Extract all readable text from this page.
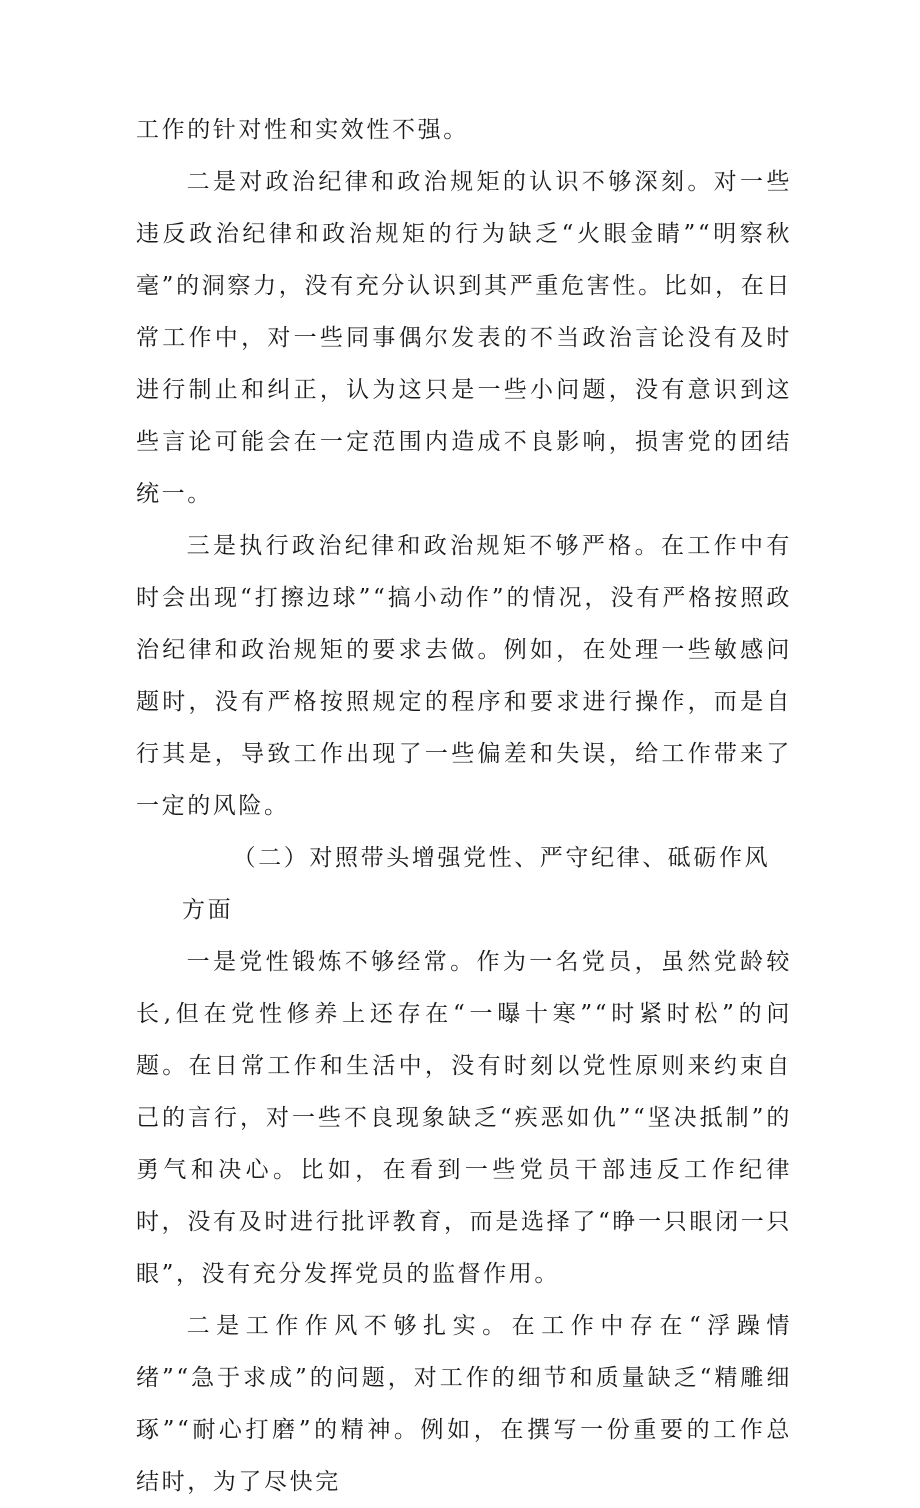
工作的针对性和实效性不强。

二是对政治纪律和政治规矩的认识不够深刻。对一些违反政治纪律和政治规矩的行为缺乏“火眼金睛”“明察秋毫”的洞察力，没有充分认识到其严重危害性。比如，在日常工作中，对一些同事偶尔发表的不当政治言论没有及时进行制止和纠正，认为这只是一些小问题，没有意识到这些言论可能会在一定范围内造成不良影响，损害党的团结统一。

三是执行政治纪律和政治规矩不够严格。在工作中有时会出现“打擦边球”“搞小动作”的情况，没有严格按照政治纪律和政治规矩的要求去做。例如，在处理一些敏感问题时，没有严格按照规定的程序和要求进行操作，而是自行其是，导致工作出现了一些偏差和失误，给工作带来了一定的风险。

（二）对照带头增强党性、严守纪律、砥砺作风方面

一是党性锻炼不够经常。作为一名党员，虽然党龄较长,但在党性修养上还存在“一曝十寒”“时紧时松”的问题。在日常工作和生活中，没有时刻以党性原则来约束自己的言行，对一些不良现象缺乏“疾恶如仇”“坚决抵制”的勇气和决心。比如，在看到一些党员干部违反工作纪律时，没有及时进行批评教育，而是选择了“睁一只眼闭一只眼”，没有充分发挥党员的监督作用。

二是工作作风不够扎实。在工作中存在“浮躁情绪”“急于求成”的问题，对工作的细节和质量缺乏“精雕细琢”“耐心打磨”的精神。例如，在撰写一份重要的工作总结时，为了尽快完
